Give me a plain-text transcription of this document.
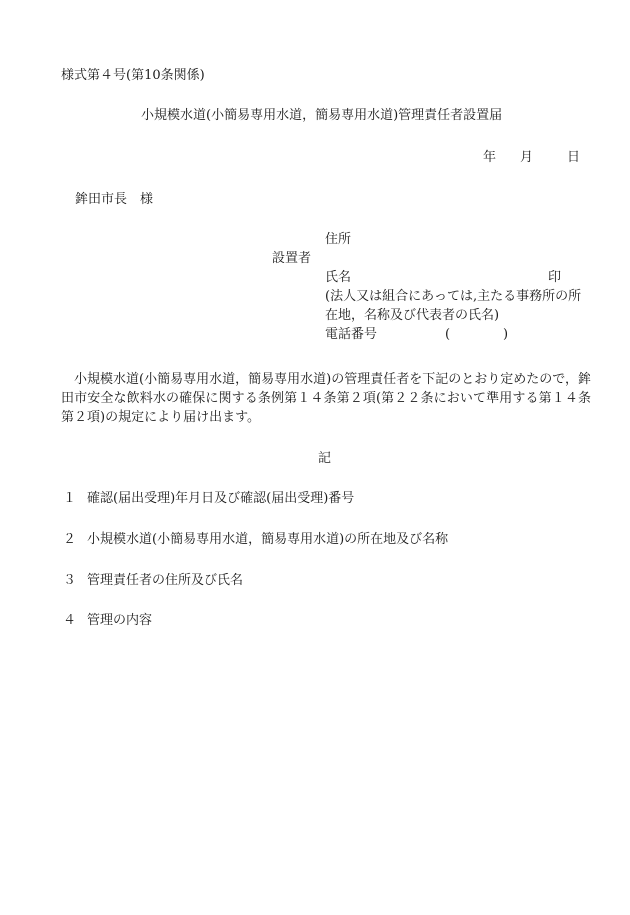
様式第４号(第10条関係)
小規模水道(小簡易専用水道，簡易専用水道)管理責任者設置届
年 月	日
鉾田市長　様
設置者
住所
氏名	印
(法人又は組合にあっては,主たる事務所の所
在地，名称及び代表者の氏名)
電話番号	(	)
小規模水道(小簡易専用水道，簡易専用水道)の管理責任者を下記のとおり定めたので，鉾田市安全な飲料水の確保に関する条例第１４条第２項(第２２条において準用する第１４条第２項)の規定により届け出ます。
記
１ 確認(届出受理)年月日及び確認(届出受理)番号
２ 小規模水道(小簡易専用水道，簡易専用水道)の所在地及び名称
３ 管理責任者の住所及び氏名
４ 管理の内容
